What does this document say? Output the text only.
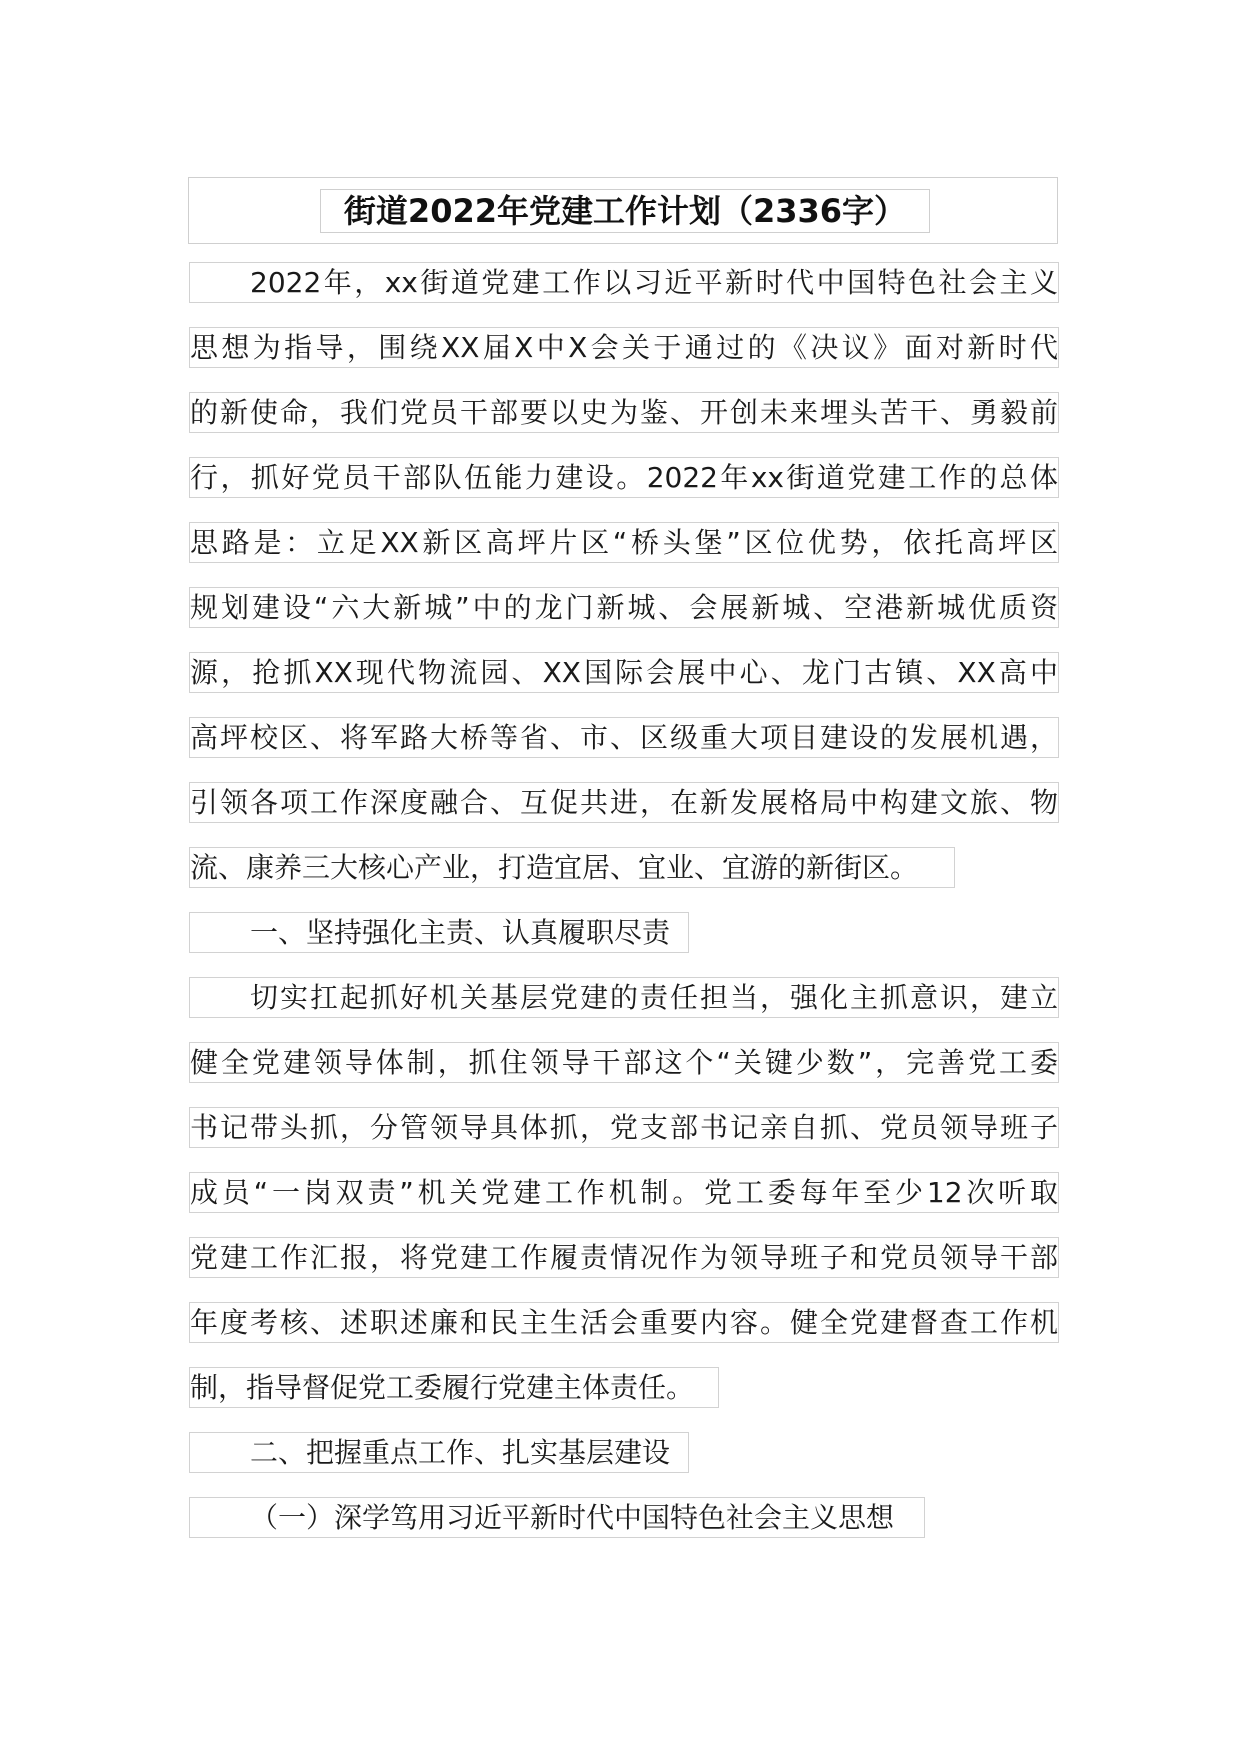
街道2022年党建工作计划（2336字）
2022年，xx街道党建工作以习近平新时代中国特色社会主义
思想为指导，围绕XX届X中X会关于通过的《决议》面对新时代
的新使命，我们党员干部要以史为鉴、开创未来埋头苦干、勇毅前
行，抓好党员干部队伍能力建设。2022年xx街道党建工作的总体
思路是：立足XX新区高坪片区“桥头堡”区位优势，依托高坪区
规划建设“六大新城”中的龙门新城、会展新城、空港新城优质资
源，抢抓XX现代物流园、XX国际会展中心、龙门古镇、XX高中
高坪校区、将军路大桥等省、市、区级重大项目建设的发展机遇，
引领各项工作深度融合、互促共进，在新发展格局中构建文旅、物
流、康养三大核心产业，打造宜居、宜业、宜游的新街区。
一、坚持强化主责、认真履职尽责
切实扛起抓好机关基层党建的责任担当，强化主抓意识，建立
健全党建领导体制，抓住领导干部这个“关键少数”，完善党工委
书记带头抓，分管领导具体抓，党支部书记亲自抓、党员领导班子
成员“一岗双责”机关党建工作机制。党工委每年至少12次听取
党建工作汇报，将党建工作履责情况作为领导班子和党员领导干部
年度考核、述职述廉和民主生活会重要内容。健全党建督查工作机
制，指导督促党工委履行党建主体责任。
二、把握重点工作、扎实基层建设
（一）深学笃用习近平新时代中国特色社会主义思想
